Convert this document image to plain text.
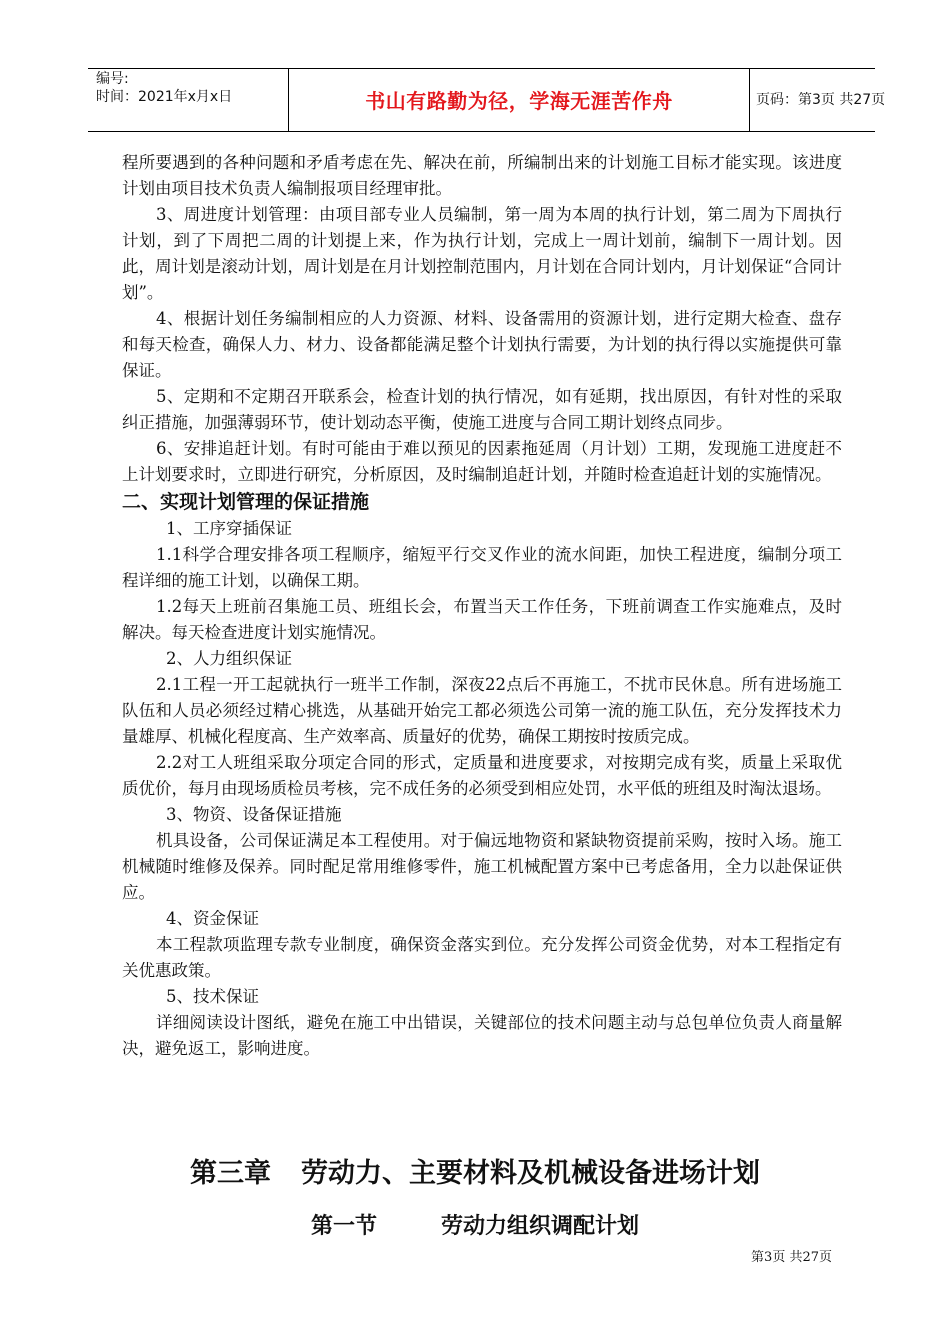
编号:
时间：2021年x月x日	书山有路勤为径，学海无涯苦作舟	页码：第3页 共27页

程所要遇到的各种问题和矛盾考虑在先、解决在前，所编制出来的计划施工目标才能实现。该进度计划由项目技术负责人编制报项目经理审批。

3、周进度计划管理：由项目部专业人员编制，第一周为本周的执行计划，第二周为下周执行计划，到了下周把二周的计划提上来，作为执行计划，完成上一周计划前，编制下一周计划。因此，周计划是滚动计划，周计划是在月计划控制范围内，月计划在合同计划内，月计划保证“合同计划”。

4、根据计划任务编制相应的人力资源、材料、设备需用的资源计划，进行定期大检查、盘存和每天检查，确保人力、材力、设备都能满足整个计划执行需要，为计划的执行得以实施提供可靠保证。

5、定期和不定期召开联系会，检查计划的执行情况，如有延期，找出原因，有针对性的采取纠正措施，加强薄弱环节，使计划动态平衡，使施工进度与合同工期计划终点同步。

6、安排追赶计划。有时可能由于难以预见的因素拖延周（月计划）工期，发现施工进度赶不上计划要求时，立即进行研究，分析原因，及时编制追赶计划，并随时检查追赶计划的实施情况。

二、实现计划管理的保证措施

1、工序穿插保证

1.1科学合理安排各项工程顺序，缩短平行交叉作业的流水间距，加快工程进度，编制分项工程详细的施工计划，以确保工期。

1.2每天上班前召集施工员、班组长会，布置当天工作任务，下班前调查工作实施难点，及时解决。每天检查进度计划实施情况。

2、人力组织保证

2.1工程一开工起就执行一班半工作制，深夜22点后不再施工，不扰市民休息。所有进场施工队伍和人员必须经过精心挑选，从基础开始完工都必须选公司第一流的施工队伍，充分发挥技术力量雄厚、机械化程度高、生产效率高、质量好的优势，确保工期按时按质完成。

2.2对工人班组采取分项定合同的形式，定质量和进度要求，对按期完成有奖，质量上采取优质优价，每月由现场质检员考核，完不成任务的必须受到相应处罚，水平低的班组及时淘汰退场。

3、物资、设备保证措施

机具设备，公司保证满足本工程使用。对于偏远地物资和紧缺物资提前采购，按时入场。施工机械随时维修及保养。同时配足常用维修零件，施工机械配置方案中已考虑备用，全力以赴保证供应。

4、资金保证

本工程款项监理专款专业制度，确保资金落实到位。充分发挥公司资金优势，对本工程指定有关优惠政策。

5、技术保证

详细阅读设计图纸，避免在施工中出错误，关键部位的技术问题主动与总包单位负责人商量解决，避免返工，影响进度。

第三章 劳动力、主要材料及机械设备进场计划
第一节	劳动力组织调配计划
第3页 共27页
